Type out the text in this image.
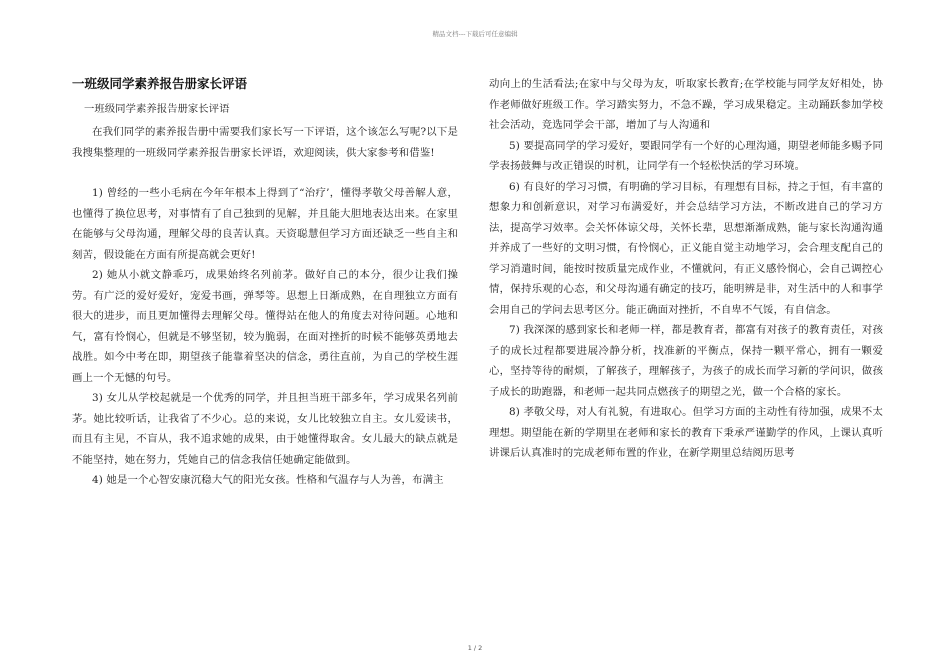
精品文档---下载后可任意编辑
一班级同学素养报告册家长评语

一班级同学素养报告册家长评语

在我们同学的素养报告册中需要我们家长写一下评语，这个该怎么写呢?以下是我搜集整理的一班级同学素养报告册家长评语，欢迎阅读，供大家参考和借鉴!

1) 曾经的一些小毛病在今年年根本上得到了“治疗’，懂得孝敬父母善解人意，也懂得了换位思考，对事情有了自己独到的见解，并且能大胆地表达出来。在家里在能够与父母沟通，理解父母的良苦认真。天资聪慧但学习方面还缺乏一些自主和刻苦，假设能在方面有所提高就会更好!

2) 她从小就文静乖巧，成果始终名列前茅。做好自己的本分，很少让我们操劳。有广泛的爱好爱好，宠爱书画，弹琴等。思想上日渐成熟，在自理独立方面有很大的进步，而且更加懂得去理解父母。懂得站在他人的角度去对待问题。心地和气，富有怜悯心，但就是不够坚韧，较为脆弱，在面对挫折的时候不能够英勇地去战胜。如今中考在即，期望孩子能靠着坚决的信念，勇往直前，为自己的学校生涯画上一个无憾的句号。

3) 女儿从学校起就是一个优秀的同学，并且担当班干部多年，学习成果名列前茅。她比较听话，让我省了不少心。总的来说，女儿比较独立自主。女儿爱读书，而且有主见，不盲从，我不追求她的成果，由于她懂得取舍。女儿最大的缺点就是不能坚持，她在努力，凭她自己的信念我信任她确定能做到。

4) 她是一个心智安康沉稳大气的阳光女孩。性格和气温存与人为善，布满主

动向上的生活看法;在家中与父母为友，听取家长教育;在学校能与同学友好相处，协作老师做好班级工作。学习踏实努力，不急不躁，学习成果稳定。主动踊跃参加学校社会活动，竞选同学会干部，增加了与人沟通和

5) 要提高同学的学习爱好，要跟同学有一个好的心理沟通，期望老师能多赐予同学表扬鼓舞与改正错误的时机，让同学有一个轻松快活的学习环境。

6) 有良好的学习习惯，有明确的学习目标，有理想有目标，持之于恒，有丰富的想象力和创新意识，对学习布满爱好，并会总结学习方法，不断改进自己的学习方法，提高学习效率。会关怀体谅父母，关怀长辈，思想渐渐成熟，能与家长沟通沟通并养成了一些好的文明习惯，有怜悯心，正义能自觉主动地学习，会合理支配自己的学习消遣时间，能按时按质量完成作业，不懂就问，有正义感怜悯心，会自己调控心情，保持乐观的心态，和父母沟通有确定的技巧，能明辨是非，对生活中的人和事学会用自己的学问去思考区分。能正确面对挫折，不自卑不气馁，有自信念。

7) 我深深的感到家长和老师一样，都是教育者，都富有对孩子的教育责任，对孩子的成长过程都要进展冷静分析，找准新的平衡点，保持一颗平常心，拥有一颗爱心，坚持等待的耐烦，了解孩子，理解孩子，为孩子的成长而学习新的学问识，做孩子成长的助跑器，和老师一起共同点燃孩子的期望之光，做一个合格的家长。

8) 孝敬父母，对人有礼貌，有进取心。但学习方面的主动性有待加强，成果不太理想。期望能在新的学期里在老师和家长的教育下秉承严谨勤学的作风，上课认真听讲课后认真准时的完成老师布置的作业，在新学期里总结阅历思考

1 / 2
